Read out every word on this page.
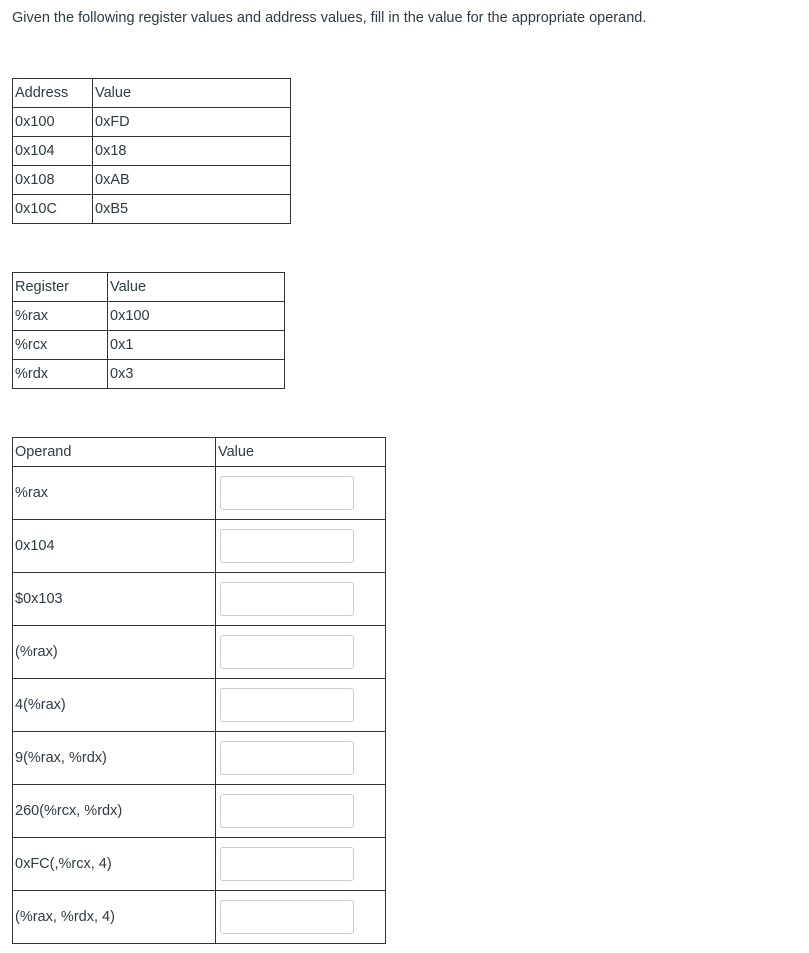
Given the following register values and address values, fill in the value for the appropriate operand.
Address	Value
0x100	0xFD
0x104	0x18
0x108	0xAB
0x10C	0xB5
Register	Value
%rax	0x100
%rcx	0x1
%rdx	0x3
Operand	Value
%rax	

0x104	

$0x103	

(%rax)	

4(%rax)	

9(%rax, %rdx)	

260(%rcx, %rdx)	

0xFC(,%rcx, 4)	

(%rax, %rdx, 4)	
